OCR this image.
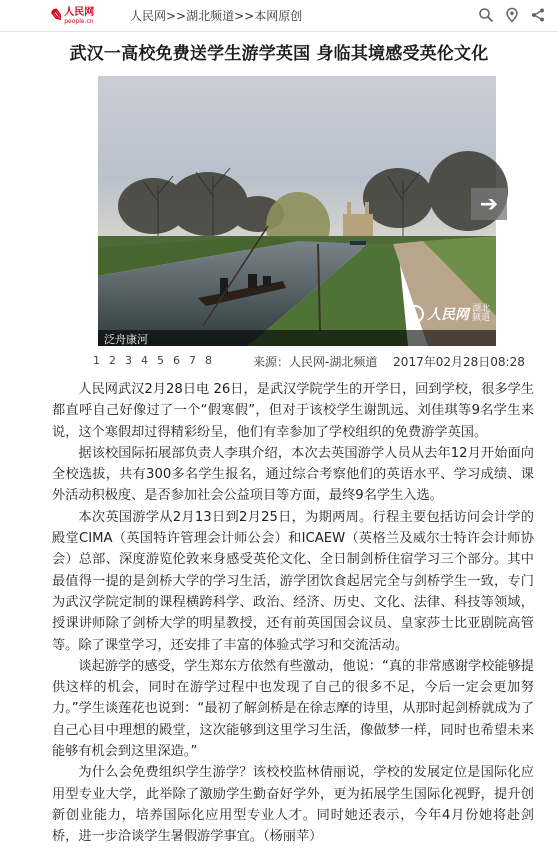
✎ 人民网
people.cn	人民网>>湖北频道>>本网原创
武汉一高校免费送学生游学英国 身临其境感受英伦文化
人民网 湖北
频道
泛舟康河
➔
1 2 3 4 5 6 7 8	来源：人民网-湖北频道 2017年02月28日08:28

人民网武汉2月28日电 26日，是武汉学院学生的开学日，回到学校，很多学生都直呼自己好像过了一个“假寒假”，但对于该校学生谢凯远、刘佳琪等9名学生来说，这个寒假却过得精彩纷呈，他们有幸参加了学校组织的免费游学英国。

据该校国际拓展部负责人李琪介绍，本次去英国游学人员从去年12月开始面向全校选拔，共有300多名学生报名，通过综合考察他们的英语水平、学习成绩、课外活动积极度、是否参加社会公益项目等方面，最终9名学生入选。

本次英国游学从2月13日到2月25日，为期两周。行程主要包括访问会计学的殿堂CIMA（英国特许管理会计师公会）和ICAEW（英格兰及威尔士特许会计师协会）总部、深度游览伦敦来身感受英伦文化、全日制剑桥住宿学习三个部分。其中最值得一提的是剑桥大学的学习生活，游学团饮食起居完全与剑桥学生一致，专门为武汉学院定制的课程横跨科学、政治、经济、历史、文化、法律、科技等领域，授课讲师除了剑桥大学的明星教授，还有前英国国会议员、皇家莎士比亚剧院高管等。除了课堂学习，还安排了丰富的体验式学习和交流活动。

谈起游学的感受，学生郑东方依然有些激动，他说：“真的非常感谢学校能够提供这样的机会，同时在游学过程中也发现了自己的很多不足，今后一定会更加努力。”学生谈莲花也说到：“最初了解剑桥是在徐志摩的诗里，从那时起剑桥就成为了自己心目中理想的殿堂，这次能够到这里学习生活，像做梦一样，同时也希望未来能够有机会到这里深造。”

为什么会免费组织学生游学？该校校监林倩丽说，学校的发展定位是国际化应用型专业大学，此举除了激励学生勤奋好学外，更为拓展学生国际化视野，提升创新创业能力，培养国际化应用型专业人才。同时她还表示，今年4月份她将赴剑桥，进一步洽谈学生暑假游学事宜。（杨丽苹）
